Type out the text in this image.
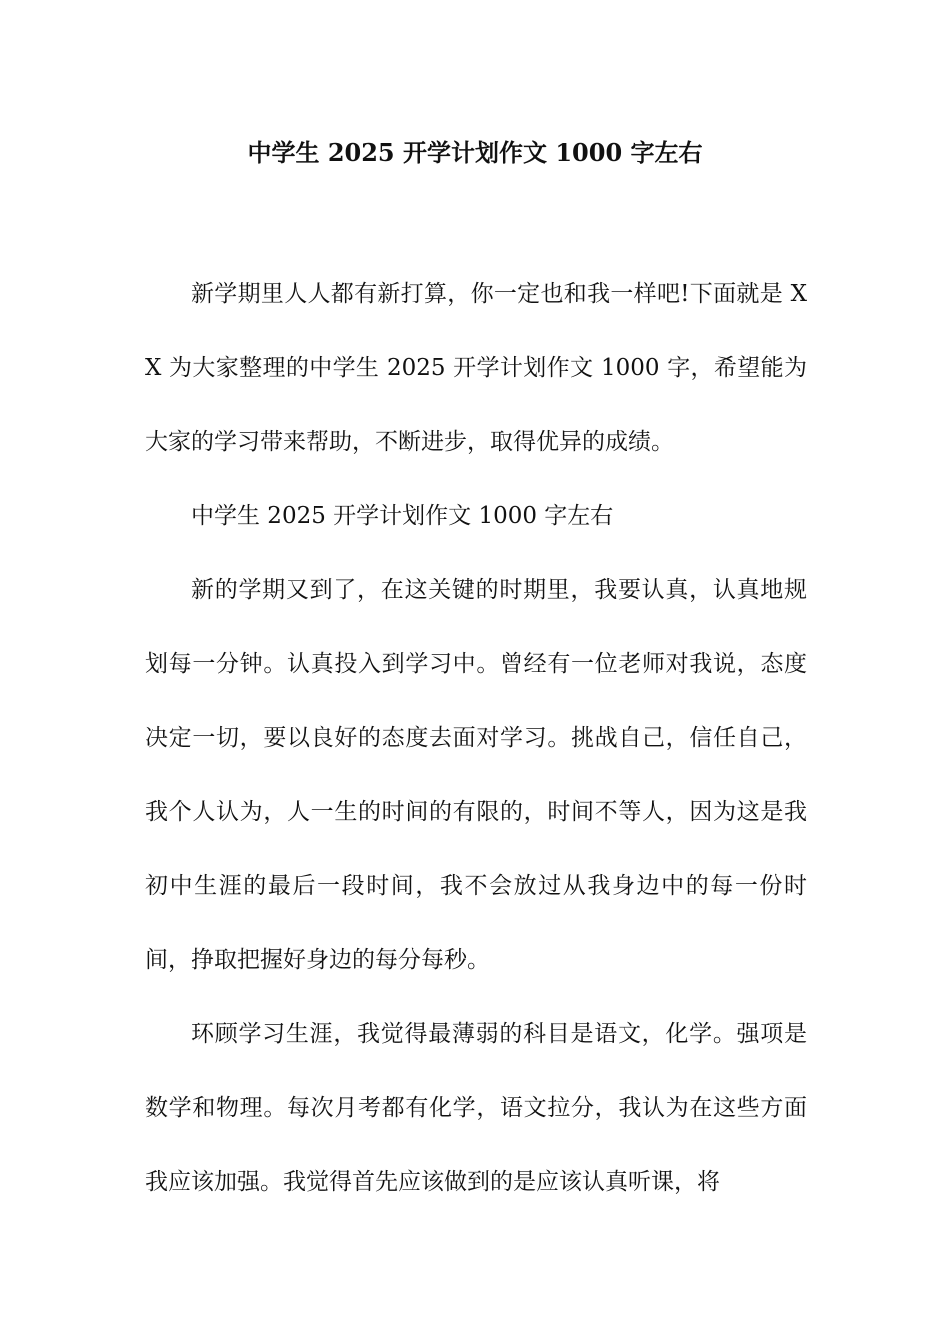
中学生 2025 开学计划作文 1000 字左右

新学期里人人都有新打算，你一定也和我一样吧!下面就是 XX 为大家整理的中学生 2025 开学计划作文 1000 字，希望能为大家的学习带来帮助，不断进步，取得优异的成绩。

中学生 2025 开学计划作文 1000 字左右

新的学期又到了，在这关键的时期里，我要认真，认真地规划每一分钟。认真投入到学习中。曾经有一位老师对我说，态度决定一切，要以良好的态度去面对学习。挑战自己，信任自己，我个人认为，人一生的时间的有限的，时间不等人，因为这是我初中生涯的最后一段时间，我不会放过从我身边中的每一份时间，挣取把握好身边的每分每秒。

环顾学习生涯，我觉得最薄弱的科目是语文，化学。强项是数学和物理。每次月考都有化学，语文拉分，我认为在这些方面我应该加强。我觉得首先应该做到的是应该认真听课，将
